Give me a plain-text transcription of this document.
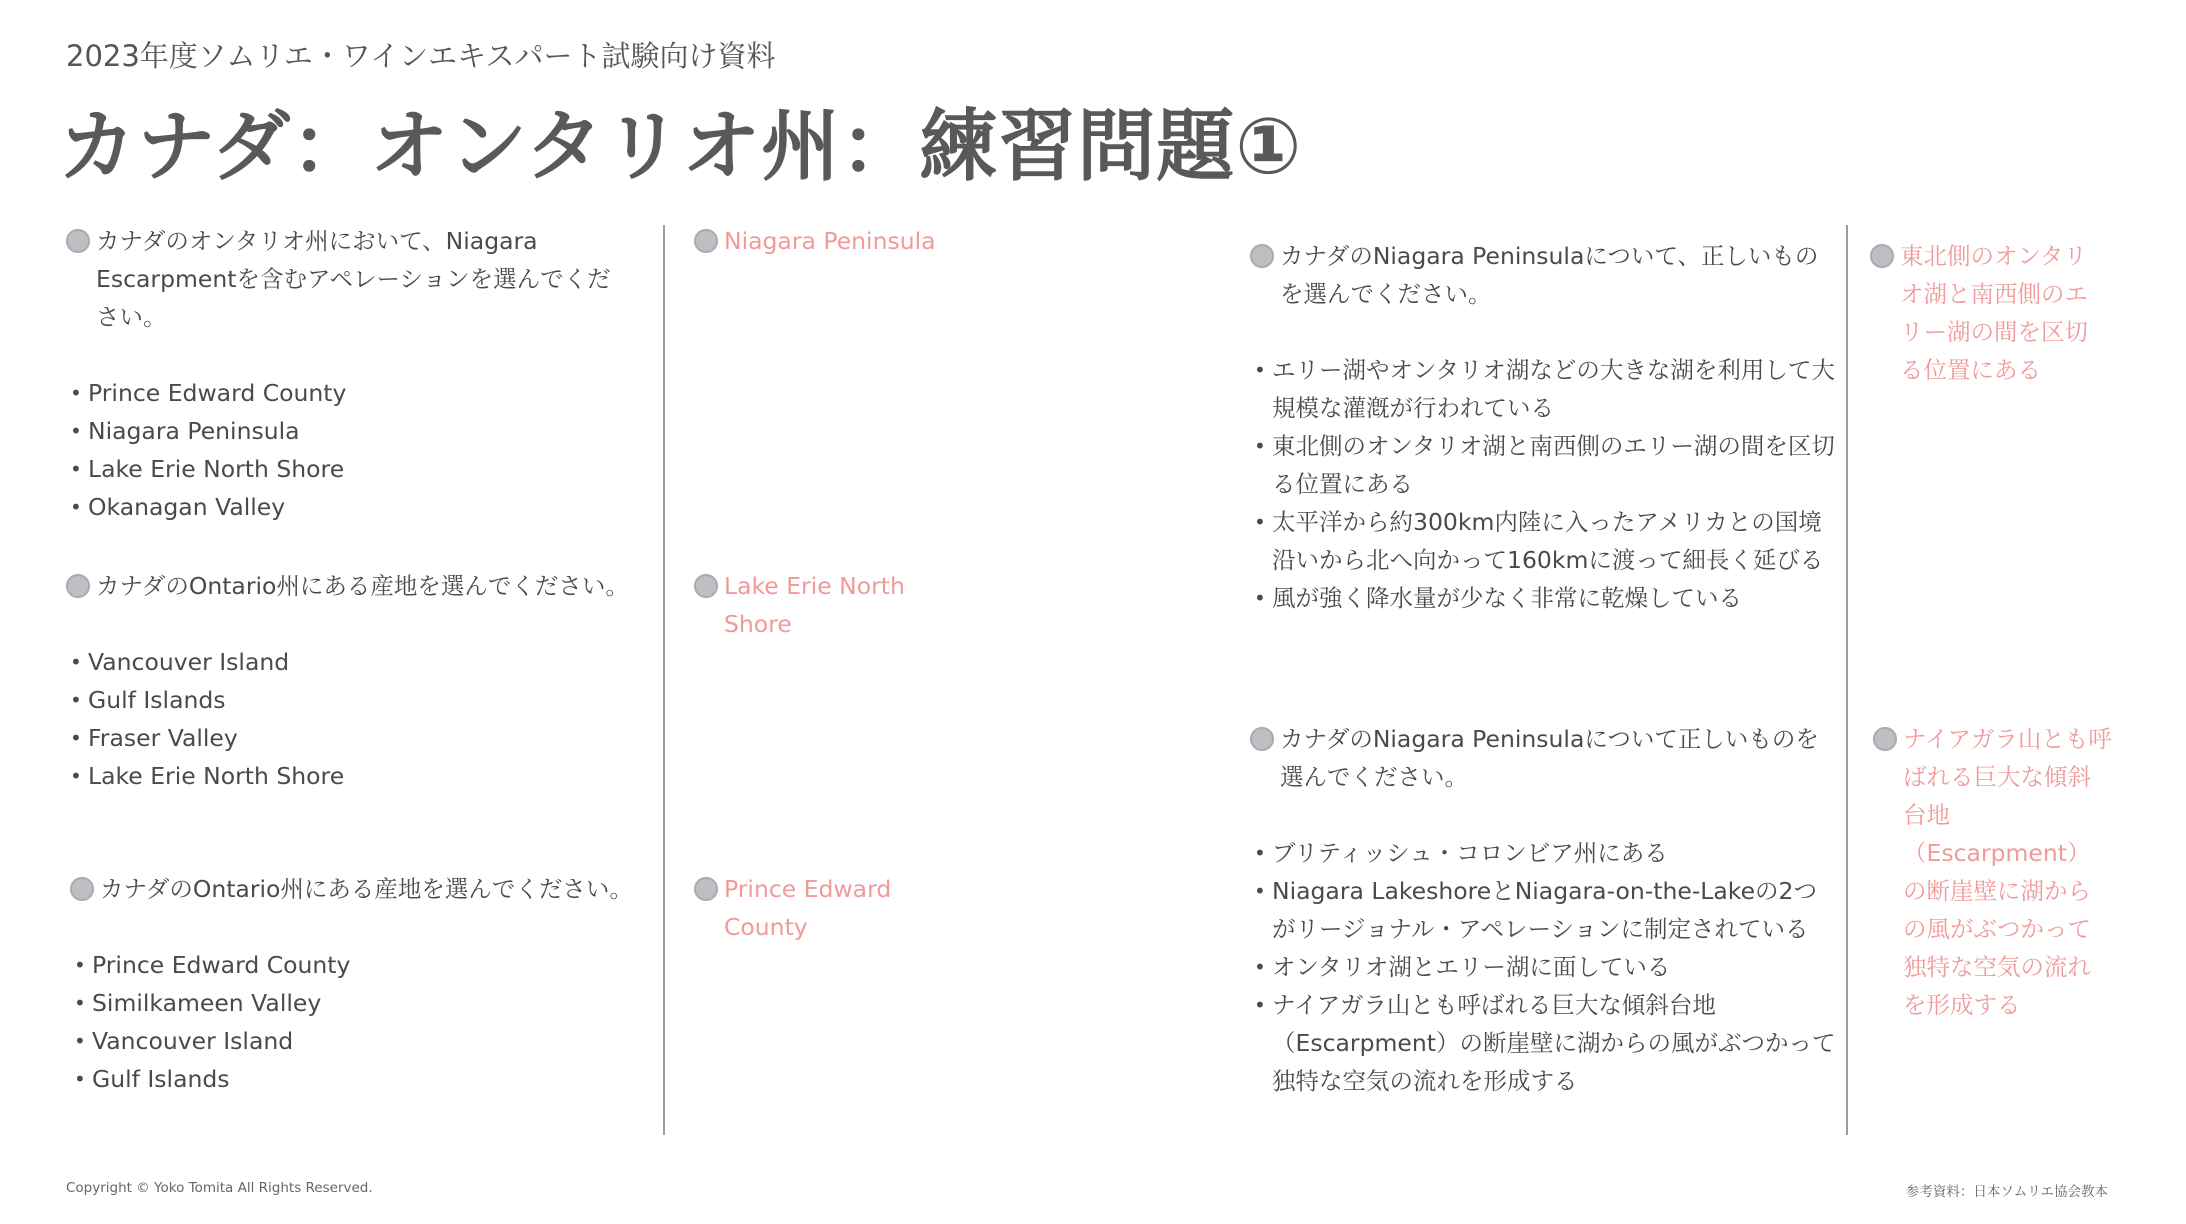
2023年度ソムリエ・ワインエキスパート試験向け資料
カナダ：オンタリオ州：練習問題①
カナダのオンタリオ州において、Niagara Escarpmentを含むアペレーションを選んでください。
• Prince Edward County
• Niagara Peninsula
• Lake Erie North Shore
• Okanagan Valley
Niagara Peninsula
カナダのOntario州にある産地を選んでください。
• Vancouver Island
• Gulf Islands
• Fraser Valley
• Lake Erie North Shore
Lake Erie North Shore
カナダのOntario州にある産地を選んでください。
• Prince Edward County
• Similkameen Valley
• Vancouver Island
• Gulf Islands
Prince Edward County
カナダのNiagara Peninsulaについて、正しいものを選んでください。
• エリー湖やオンタリオ湖などの大きな湖を利用して大規模な灌漑が行われている
• 東北側のオンタリオ湖と南西側のエリー湖の間を区切る位置にある
• 太平洋から約300km内陸に入ったアメリカとの国境沿いから北へ向かって160kmに渡って細長く延びる
• 風が強く降水量が少なく非常に乾燥している
東北側のオンタリオ湖と南西側のエリー湖の間を区切る位置にある
カナダのNiagara Peninsulaについて正しいものを選んでください。
• ブリティッシュ・コロンビア州にある
• Niagara LakeshoreとNiagara-on-the-Lakeの2つがリージョナル・アペレーションに制定されている
• オンタリオ湖とエリー湖に面している
• ナイアガラ山とも呼ばれる巨大な傾斜台地（Escarpment）の断崖壁に湖からの風がぶつかって独特な空気の流れを形成する
ナイアガラ山とも呼ばれる巨大な傾斜台地（Escarpment）の断崖壁に湖からの風がぶつかって独特な空気の流れを形成する
Copyright © Yoko Tomita All Rights Reserved.	参考資料：日本ソムリエ協会教本
